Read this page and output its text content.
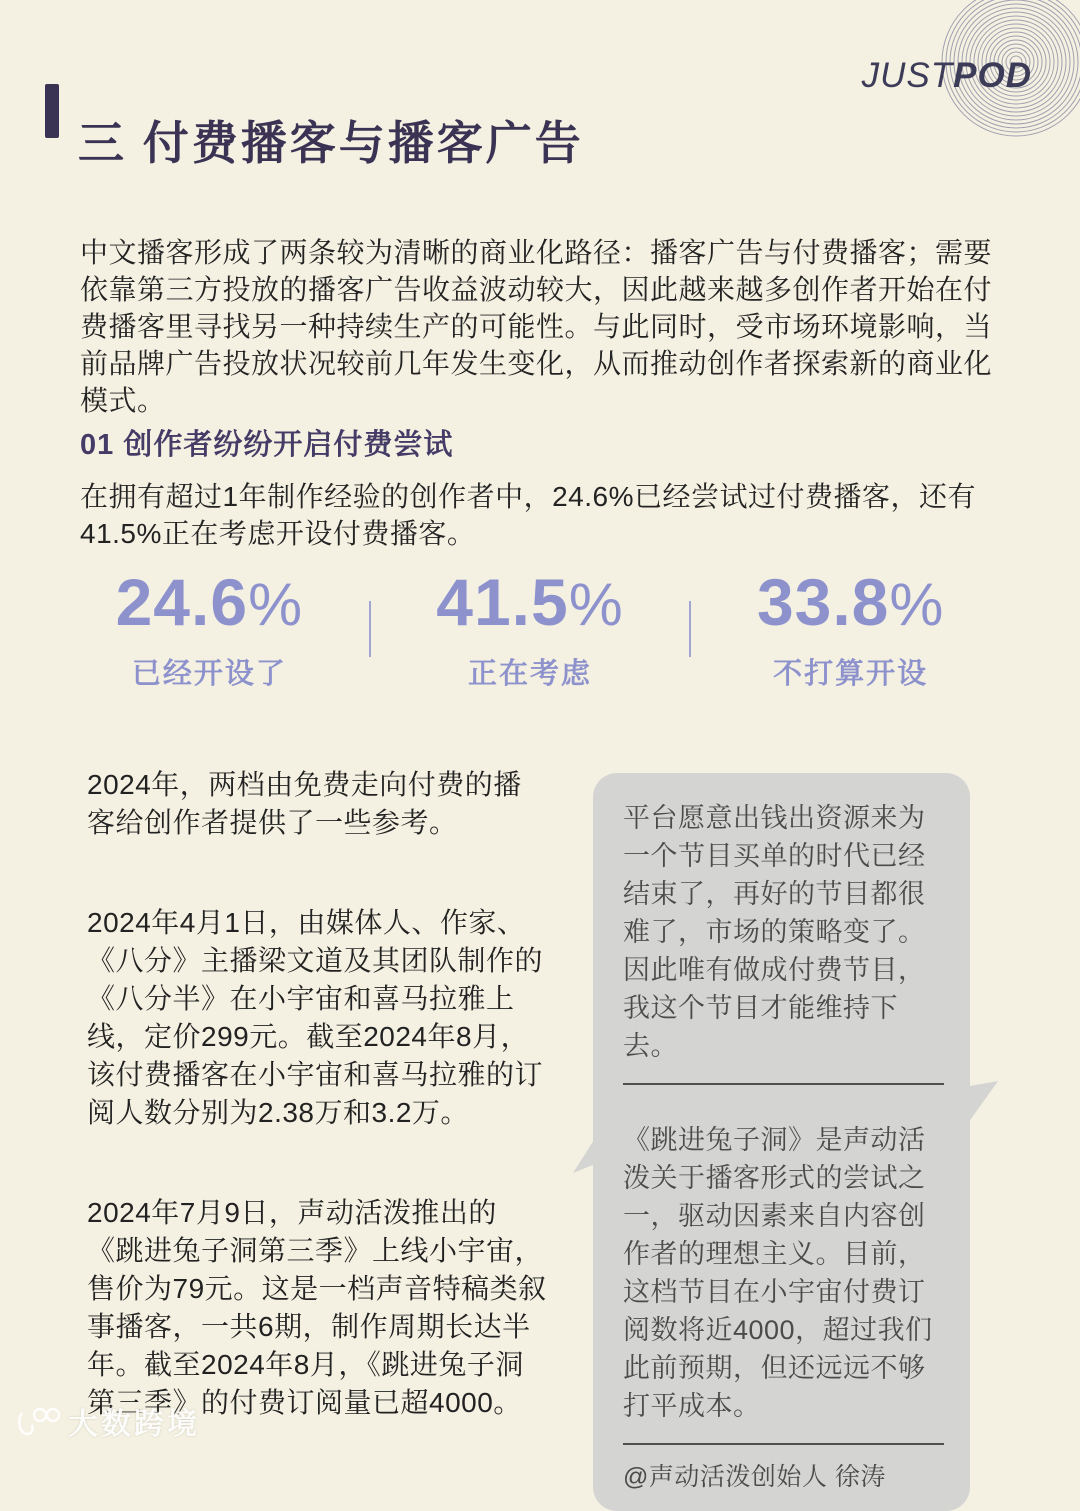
三 付费播客与播客广告
JUSTPOD

中文播客形成了两条较为清晰的商业化路径：播客广告与付费播客；需要依靠第三方投放的播客广告收益波动较大，因此越来越多创作者开始在付费播客里寻找另一种持续生产的可能性。与此同时，受市场环境影响，当前品牌广告投放状况较前几年发生变化，从而推动创作者探索新的商业化模式。

01 创作者纷纷开启付费尝试

在拥有超过1年制作经验的创作者中，24.6%已经尝试过付费播客，还有41.5%正在考虑开设付费播客。

24.6%
已经开设了
41.5%
正在考虑
33.8%
不打算开设

2024年，两档由免费走向付费的播客给创作者提供了一些参考。

2024年4月1日，由媒体人、作家、《八分》主播梁文道及其团队制作的《八分半》在小宇宙和喜马拉雅上线，定价299元。截至2024年8月，该付费播客在小宇宙和喜马拉雅的订阅人数分别为2.38万和3.2万。

2024年7月9日，声动活泼推出的《跳进兔子洞第三季》上线小宇宙，售价为79元。这是一档声音特稿类叙事播客，一共6期，制作周期长达半年。截至2024年8月，《跳进兔子洞第三季》的付费订阅量已超4000。

平台愿意出钱出资源来为一个节目买单的时代已经结束了，再好的节目都很难了，市场的策略变了。因此唯有做成付费节目，我这个节目才能维持下去。
《跳进兔子洞》是声动活泼关于播客形式的尝试之一，驱动因素来自内容创作者的理想主义。目前，这档节目在小宇宙付费订阅数将近4000，超过我们此前预期，但还远远不够打平成本。
@声动活泼创始人 徐涛
大数跨境
